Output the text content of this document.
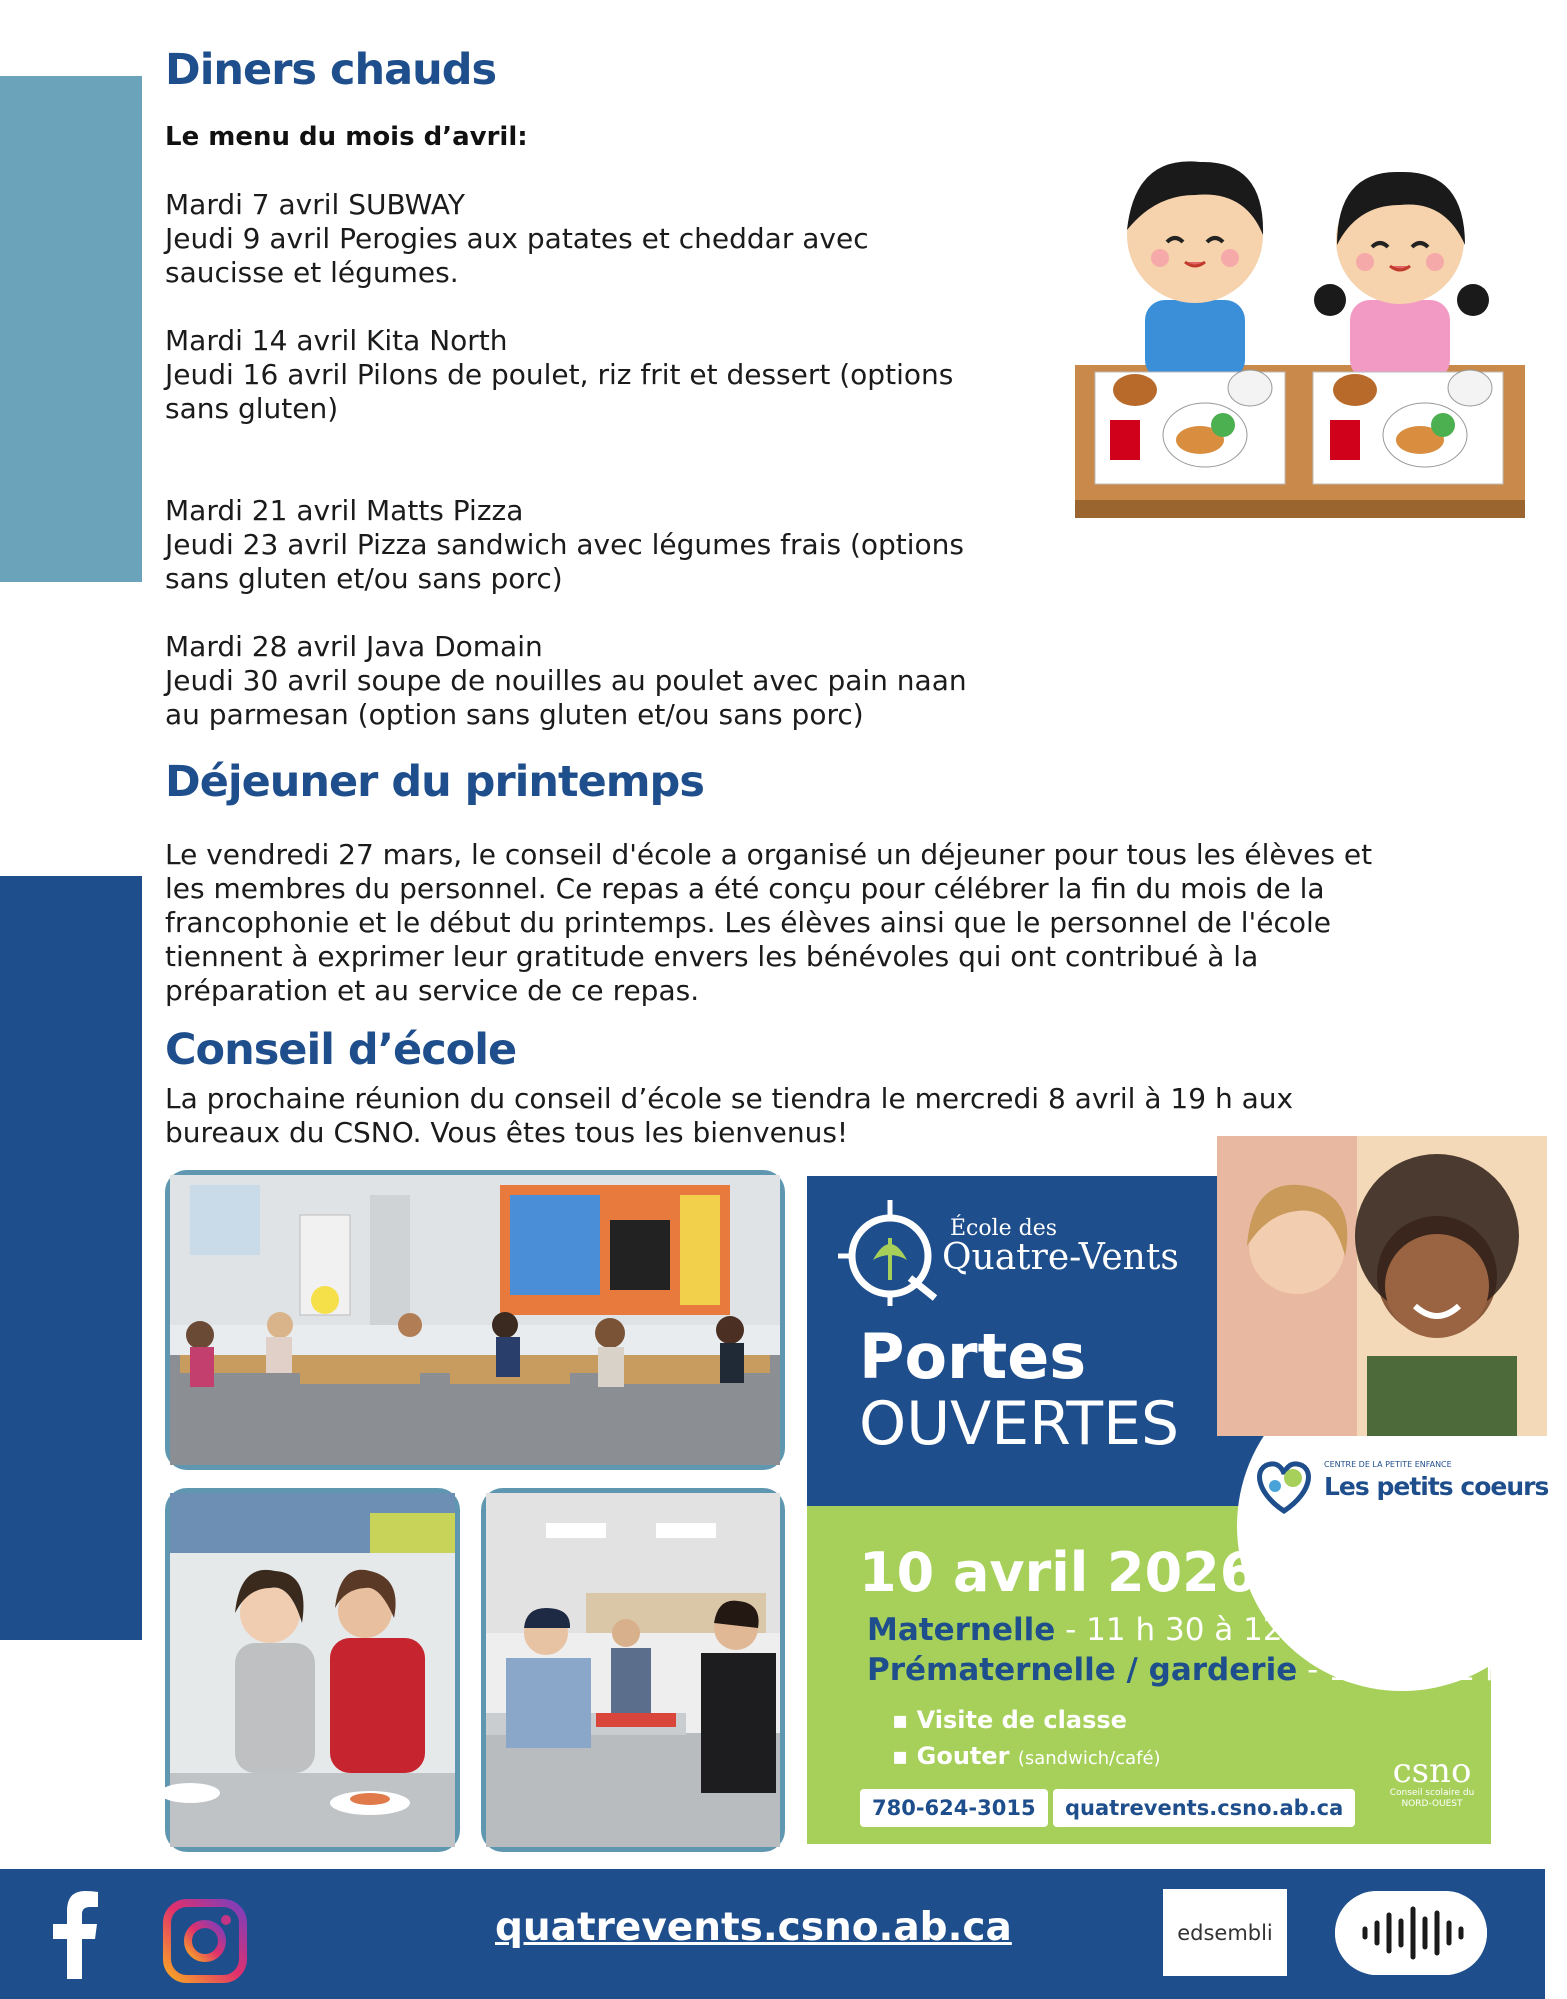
Diners chauds
Le menu du mois d’avril:
Mardi 7 avril SUBWAY
Jeudi 9 avril Perogies aux patates et cheddar avec
saucisse et légumes.
Mardi 14 avril Kita North
Jeudi 16 avril Pilons de poulet, riz frit et dessert (options
sans gluten)
Mardi 21 avril Matts Pizza
Jeudi 23 avril Pizza sandwich avec légumes frais (options
sans gluten et/ou sans porc)
Mardi 28 avril Java Domain
Jeudi 30 avril soupe de nouilles au poulet avec pain naan
au parmesan (option sans gluten et/ou sans porc)
Déjeuner du printemps
Le vendredi 27 mars, le conseil d'école a organisé un déjeuner pour tous les élèves et
les membres du personnel. Ce repas a été conçu pour célébrer la fin du mois de la
francophonie et le début du printemps. Les élèves ainsi que le personnel de l'école
tiennent à exprimer leur gratitude envers les bénévoles qui ont contribué à la
préparation et au service de ce repas.
Conseil d’école
La prochaine réunion du conseil d’école se tiendra le mercredi 8 avril à 19 h aux
bureaux du CSNO. Vous êtes tous les bienvenus!
École des
Quatre-Vents
Portes
OUVERTES
CENTRE DE LA PETITE ENFANCE
Les petits coeurs
10 avril 2026
Maternelle - 11 h 30 à 12 h
Prématernelle / garderie - 12 h à 12 h 45
▪ Visite de classe
▪ Gouter (sandwich/café)
780-624-3015	quatrevents.csno.ab.ca
csno
Conseil scolaire du
NORD-OUEST
quatrevents.csno.ab.ca	edsembli
